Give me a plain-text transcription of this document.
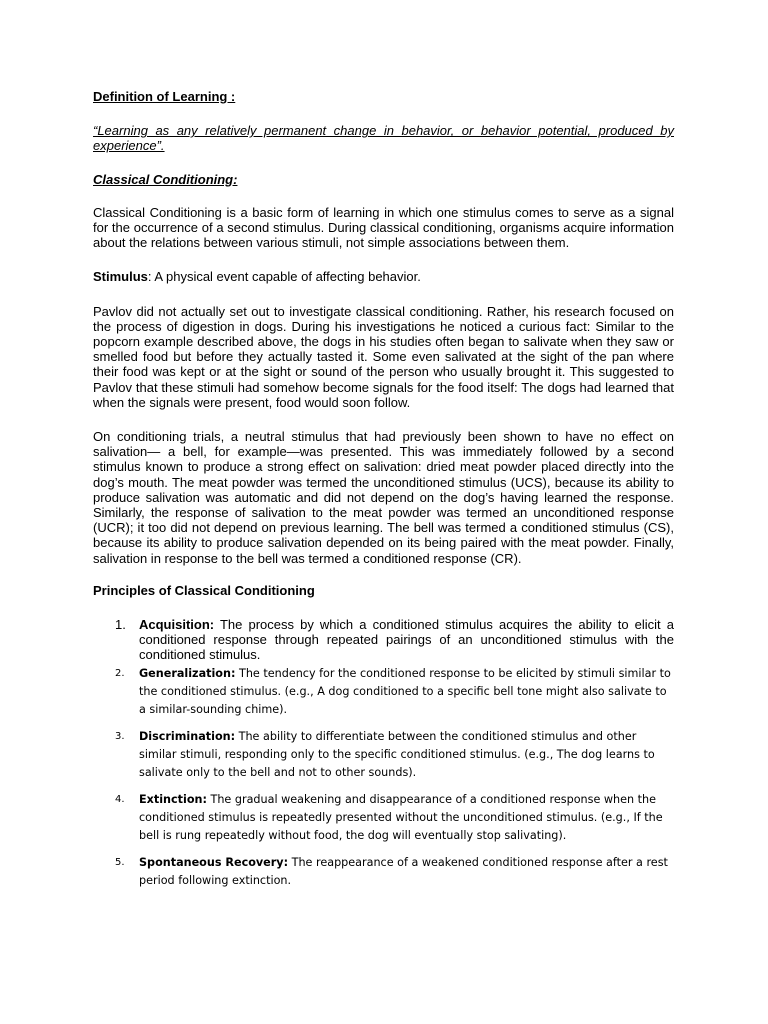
Definition of Learning :

“Learning as any relatively permanent change in behavior, or behavior potential, produced by experience”.

Classical Conditioning:

Classical Conditioning is a basic form of learning in which one stimulus comes to serve as a signal for the occurrence of a second stimulus. During classical conditioning, organisms acquire information about the relations between various stimuli, not simple associations between them.

Stimulus: A physical event capable of affecting behavior.

Pavlov did not actually set out to investigate classical conditioning. Rather, his research focused on the process of digestion in dogs. During his investigations he noticed a curious fact: Similar to the popcorn example described above, the dogs in his studies often began to salivate when they saw or smelled food but before they actually tasted it. Some even salivated at the sight of the pan where their food was kept or at the sight or sound of the person who usually brought it. This suggested to Pavlov that these stimuli had somehow become signals for the food itself: The dogs had learned that when the signals were present, food would soon follow.

On conditioning trials, a neutral stimulus that had previously been shown to have no effect on salivation— a bell, for example—was presented. This was immediately followed by a second stimulus known to produce a strong effect on salivation: dried meat powder placed directly into the dog’s mouth. The meat powder was termed the unconditioned stimulus (UCS), because its ability to produce salivation was automatic and did not depend on the dog’s having learned the response. Similarly, the response of salivation to the meat powder was termed an unconditioned response (UCR); it too did not depend on previous learning. The bell was termed a conditioned stimulus (CS), because its ability to produce salivation depended on its being paired with the meat powder. Finally, salivation in response to the bell was termed a conditioned response (CR).

Principles of Classical Conditioning

1. Acquisition: The process by which a conditioned stimulus acquires the ability to elicit a conditioned response through repeated pairings of an unconditioned stimulus with the conditioned stimulus.
2. Generalization: The tendency for the conditioned response to be elicited by stimuli similar to the conditioned stimulus. (e.g., A dog conditioned to a specific bell tone might also salivate to a similar-sounding chime).
3. Discrimination: The ability to differentiate between the conditioned stimulus and other similar stimuli, responding only to the specific conditioned stimulus. (e.g., The dog learns to salivate only to the bell and not to other sounds).
4. Extinction: The gradual weakening and disappearance of a conditioned response when the conditioned stimulus is repeatedly presented without the unconditioned stimulus. (e.g., If the bell is rung repeatedly without food, the dog will eventually stop salivating).
5. Spontaneous Recovery: The reappearance of a weakened conditioned response after a rest period following extinction.
